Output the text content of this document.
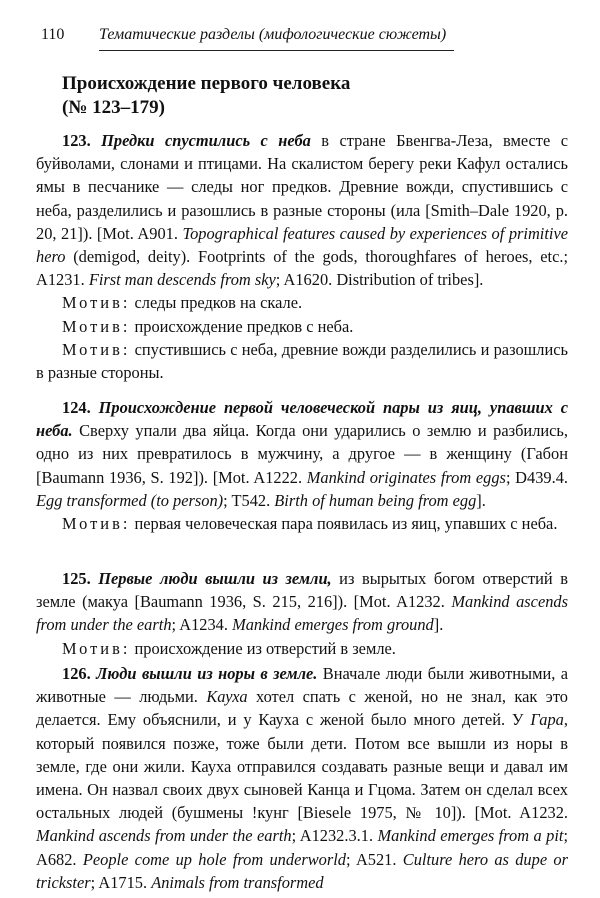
110 Тематические разделы (мифологические сюжеты)
Происхождение первого человека
(№ 123–179)

123. Предки спустились с неба в стране Бвенгва-Леза, вместе с буйволами, слонами и птицами. На скалистом берегу реки Кафул остались ямы в песчанике — следы ног предков. Древние вожди, спустившись с неба, разделились и разошлись в разные стороны (ила [Smith–Dale 1920, p. 20, 21]). [Mot. A901. Topographical features caused by experiences of primitive hero (demigod, deity). Footprints of the gods, thoroughfares of heroes, etc.; A1231. First man descends from sky; A1620. Distribution of tribes].

Мотив: следы предков на скале.

Мотив: происхождение предков с неба.

Мотив: спустившись с неба, древние вожди разделились и разошлись в разные стороны.

124. Происхождение первой человеческой пары из яиц, упавших с неба. Сверху упали два яйца. Когда они ударились о землю и разбились, одно из них превратилось в мужчину, а другое — в женщину (Габон [Baumann 1936, S. 192]). [Mot. A1222. Mankind originates from eggs; D439.4. Egg transformed (to person); T542. Birth of human being from egg].

Мотив: первая человеческая пара появилась из яиц, упавших с неба.

125. Первые люди вышли из земли, из вырытых богом отверстий в земле (макуа [Baumann 1936, S. 215, 216]). [Mot. A1232. Mankind ascends from under the earth; A1234. Mankind emerges from ground].

Мотив: происхождение из отверстий в земле.

126. Люди вышли из норы в земле. Вначале люди были животными, а животные — людьми. Кауха хотел спать с женой, но не знал, как это делается. Ему объяснили, и у Кауха с женой было много детей. У Гара, который появился позже, тоже были дети. Потом все вышли из норы в земле, где они жили. Кауха отправился создавать разные вещи и давал им имена. Он назвал своих двух сыновей Канца и Гцома. Затем он сделал всех остальных людей (бушмены !кунг [Biesele 1975, № 10]). [Mot. A1232. Mankind ascends from under the earth; A1232.3.1. Mankind emerges from a pit; A682. People come up hole from underworld; A521. Culture hero as dupe or trickster; A1715. Animals from transformed
